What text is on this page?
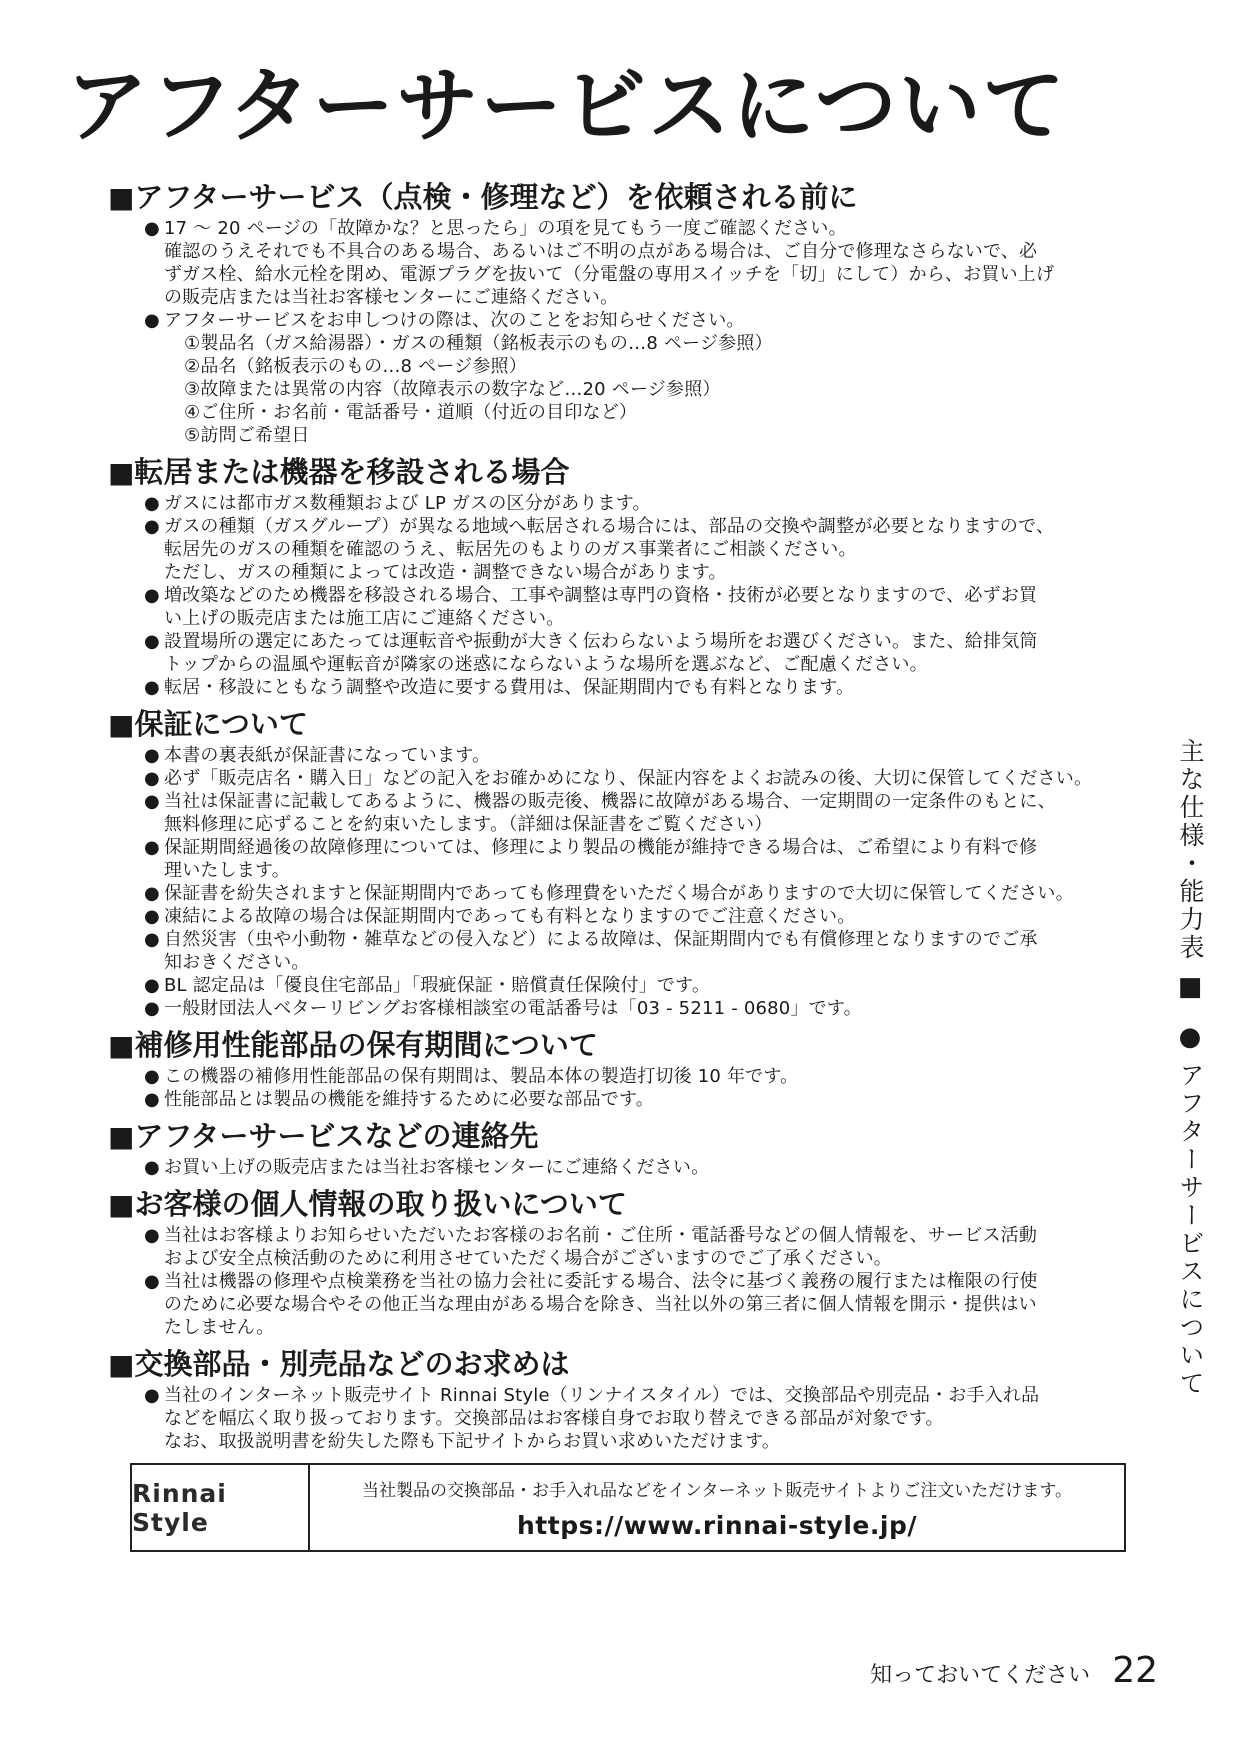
アフターサービスについて
■アフターサービス（点検・修理など）を依頼される前に
● 17 ～ 20 ページの「故障かな？と思ったら」の項を見てもう一度ご確認ください。
確認のうえそれでも不具合のある場合、あるいはご不明の点がある場合は、ご自分で修理なさらないで、必
ずガス栓、給水元栓を閉め、電源プラグを抜いて（分電盤の専用スイッチを「切」にして）から、お買い上げ
の販売店または当社お客様センターにご連絡ください。
● アフターサービスをお申しつけの際は、次のことをお知らせください。
①製品名（ガス給湯器）・ガスの種類（銘板表示のもの…8 ページ参照）
②品名（銘板表示のもの…8 ページ参照）
③故障または異常の内容（故障表示の数字など…20 ページ参照）
④ご住所・お名前・電話番号・道順（付近の目印など）
⑤訪問ご希望日
■転居または機器を移設される場合
● ガスには都市ガス数種類および LP ガスの区分があります。
● ガスの種類（ガスグループ）が異なる地域へ転居される場合には、部品の交換や調整が必要となりますので、
転居先のガスの種類を確認のうえ、転居先のもよりのガス事業者にご相談ください。
ただし、ガスの種類によっては改造・調整できない場合があります。
● 増改築などのため機器を移設される場合、工事や調整は専門の資格・技術が必要となりますので、必ずお買
い上げの販売店または施工店にご連絡ください。
● 設置場所の選定にあたっては運転音や振動が大きく伝わらないよう場所をお選びください。また、給排気筒
トップからの温風や運転音が隣家の迷惑にならないような場所を選ぶなど、ご配慮ください。
● 転居・移設にともなう調整や改造に要する費用は、保証期間内でも有料となります。
■保証について
● 本書の裏表紙が保証書になっています。
● 必ず「販売店名・購入日」などの記入をお確かめになり、保証内容をよくお読みの後、大切に保管してください。
● 当社は保証書に記載してあるように、機器の販売後、機器に故障がある場合、一定期間の一定条件のもとに、
無料修理に応ずることを約束いたします。（詳細は保証書をご覧ください）
● 保証期間経過後の故障修理については、修理により製品の機能が維持できる場合は、ご希望により有料で修
理いたします。
● 保証書を紛失されますと保証期間内であっても修理費をいただく場合がありますので大切に保管してください。
● 凍結による故障の場合は保証期間内であっても有料となりますのでご注意ください。
● 自然災害（虫や小動物・雑草などの侵入など）による故障は、保証期間内でも有償修理となりますのでご承
知おきください。
● BL 認定品は「優良住宅部品」「瑕疵保証・賠償責任保険付」です。
● 一般財団法人ベターリビングお客様相談室の電話番号は「03 - 5211 - 0680」です。
■補修用性能部品の保有期間について
● この機器の補修用性能部品の保有期間は、製品本体の製造打切後 10 年です。
● 性能部品とは製品の機能を維持するために必要な部品です。
■アフターサービスなどの連絡先
● お買い上げの販売店または当社お客様センターにご連絡ください。
■お客様の個人情報の取り扱いについて
● 当社はお客様よりお知らせいただいたお客様のお名前・ご住所・電話番号などの個人情報を、サービス活動
および安全点検活動のために利用させていただく場合がございますのでご了承ください。
● 当社は機器の修理や点検業務を当社の協力会社に委託する場合、法令に基づく義務の履行または権限の行使
のために必要な場合やその他正当な理由がある場合を除き、当社以外の第三者に個人情報を開示・提供はい
たしません。
■交換部品・別売品などのお求めは
● 当社のインターネット販売サイト Rinnai Style（リンナイスタイル）では、交換部品や別売品・お手入れ品
などを幅広く取り扱っております。交換部品はお客様自身でお取り替えできる部品が対象です。
なお、取扱説明書を紛失した際も下記サイトからお買い求めいただけます。
Rinnai Style
当社製品の交換部品・お手入れ品などをインターネット販売サイトよりご注文いただけます。
https://www.rinnai-style.jp/
主な仕様・能力表
■
●
アフターサービスについて
知っておいてください 22
